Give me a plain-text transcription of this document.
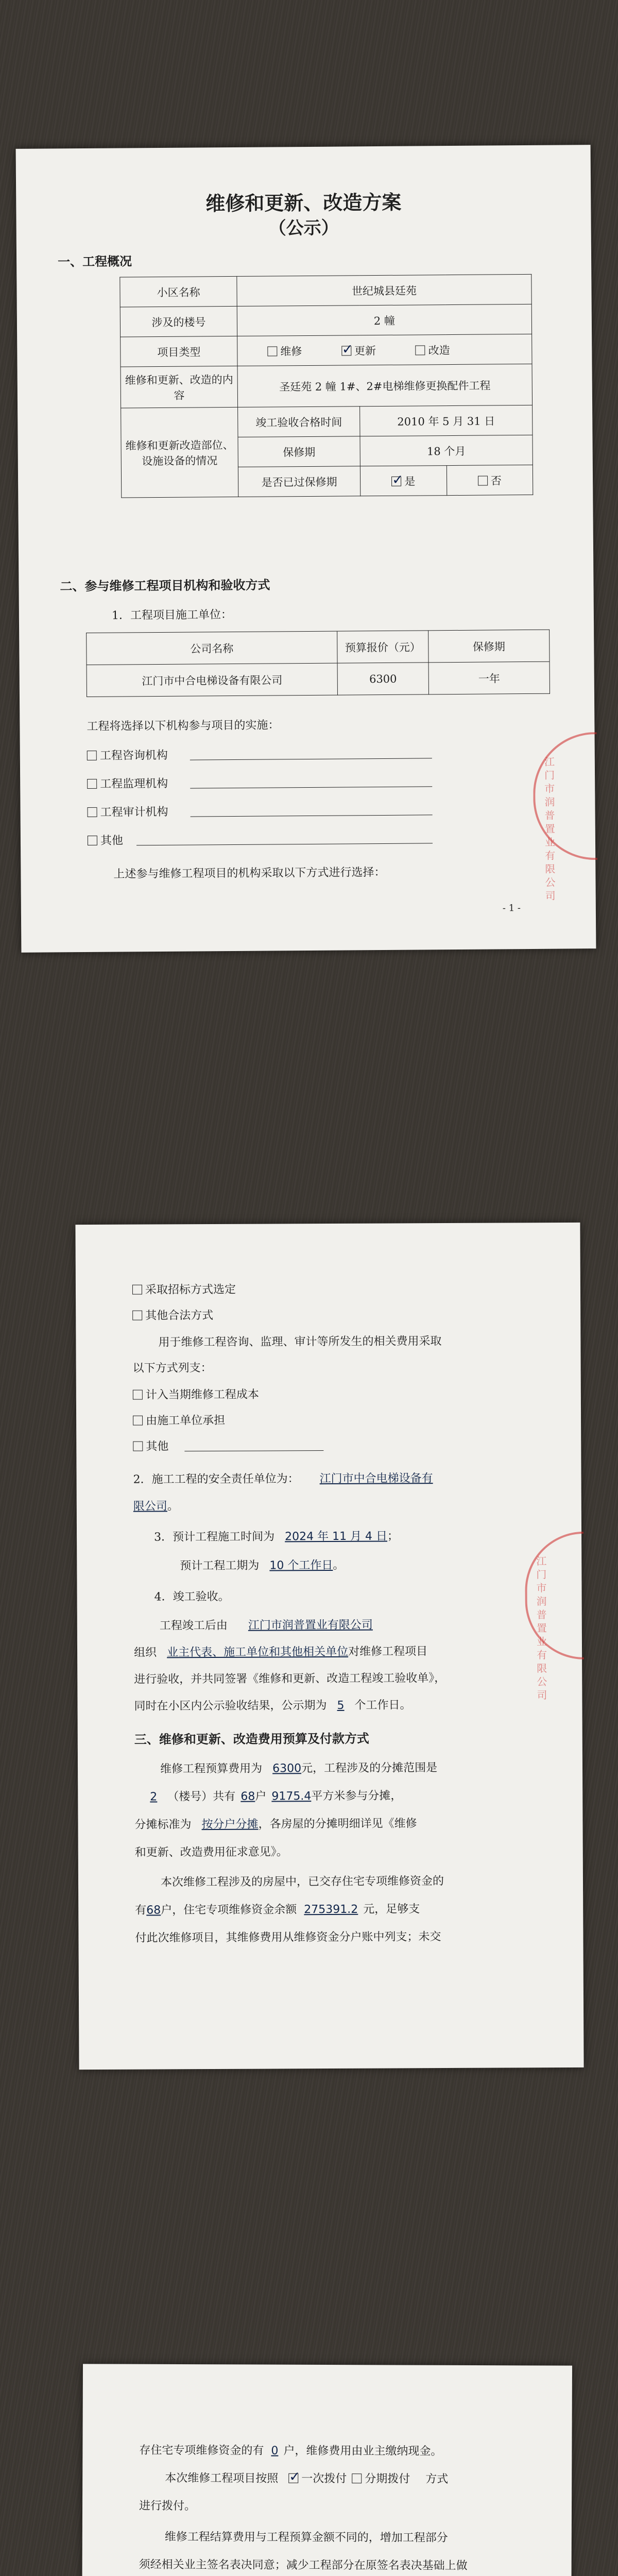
维修和更新、改造方案
（公示）
一、工程概况
小区名称	世纪城县廷苑		
涉及的楼号	2 幢		
项目类型	维修 ✓ 更新 改造
维修和更新、改造的内容	圣廷苑 2 幢 1#、2#电梯维修更换配件工程		
维修和更新改造部位、设施设备的情况	竣工验收合格时间	2010 年 5 月 31 日	
	保修期	18 个月	
	是否已过保修期	✓是	否
二、参与维修工程项目机构和验收方式
1．工程项目施工单位：
公司名称	预算报价（元）	保修期
江门市中合电梯设备有限公司	6300	一年
工程将选择以下机构参与项目的实施：
工程咨询机构
工程监理机构
工程审计机构
其他
上述参与维修工程项目的机构采取以下方式进行选择：
- 1 -
江门市润普置业有限公司
采取招标方式选定
其他合法方式
用于维修工程咨询、监理、审计等所发生的相关费用采取
以下方式列支：
计入当期维修工程成本
由施工单位承担
其他
2．施工工程的安全责任单位为： 江门市中合电梯设备有
限公司。
3．预计工程施工时间为 2024 年 11 月 4 日；
预计工程工期为 10 个工作日。
4．竣工验收。
工程竣工后由 江门市润普置业有限公司
组织 业主代表、施工单位和其他相关单位对维修工程项目
进行验收，并共同签署《维修和更新、改造工程竣工验收单》，
同时在小区内公示验收结果，公示期为 5 个工作日。
三、维修和更新、改造费用预算及付款方式
维修工程预算费用为 6300元，工程涉及的分摊范围是
2 （楼号）共有 68户 9175.4平方米参与分摊，
分摊标准为 按分户分摊，各房屋的分摊明细详见《维修
和更新、改造费用征求意见》。
本次维修工程涉及的房屋中，已交存住宅专项维修资金的
有68户，住宅专项维修资金余额 275391.2 元，足够支
付此次维修项目，其维修费用从维修资金分户账中列支；未交
江门市润普置业有限公司
存住宅专项维修资金的有 0 户，维修费用由业主缴纳现金。
本次维修工程项目按照 ✓ 一次拨付 分期拨付 方式
进行拨付。
维修工程结算费用与工程预算金额不同的，增加工程部分
须经相关业主签名表决同意；减少工程部分在原签名表决基础上做
